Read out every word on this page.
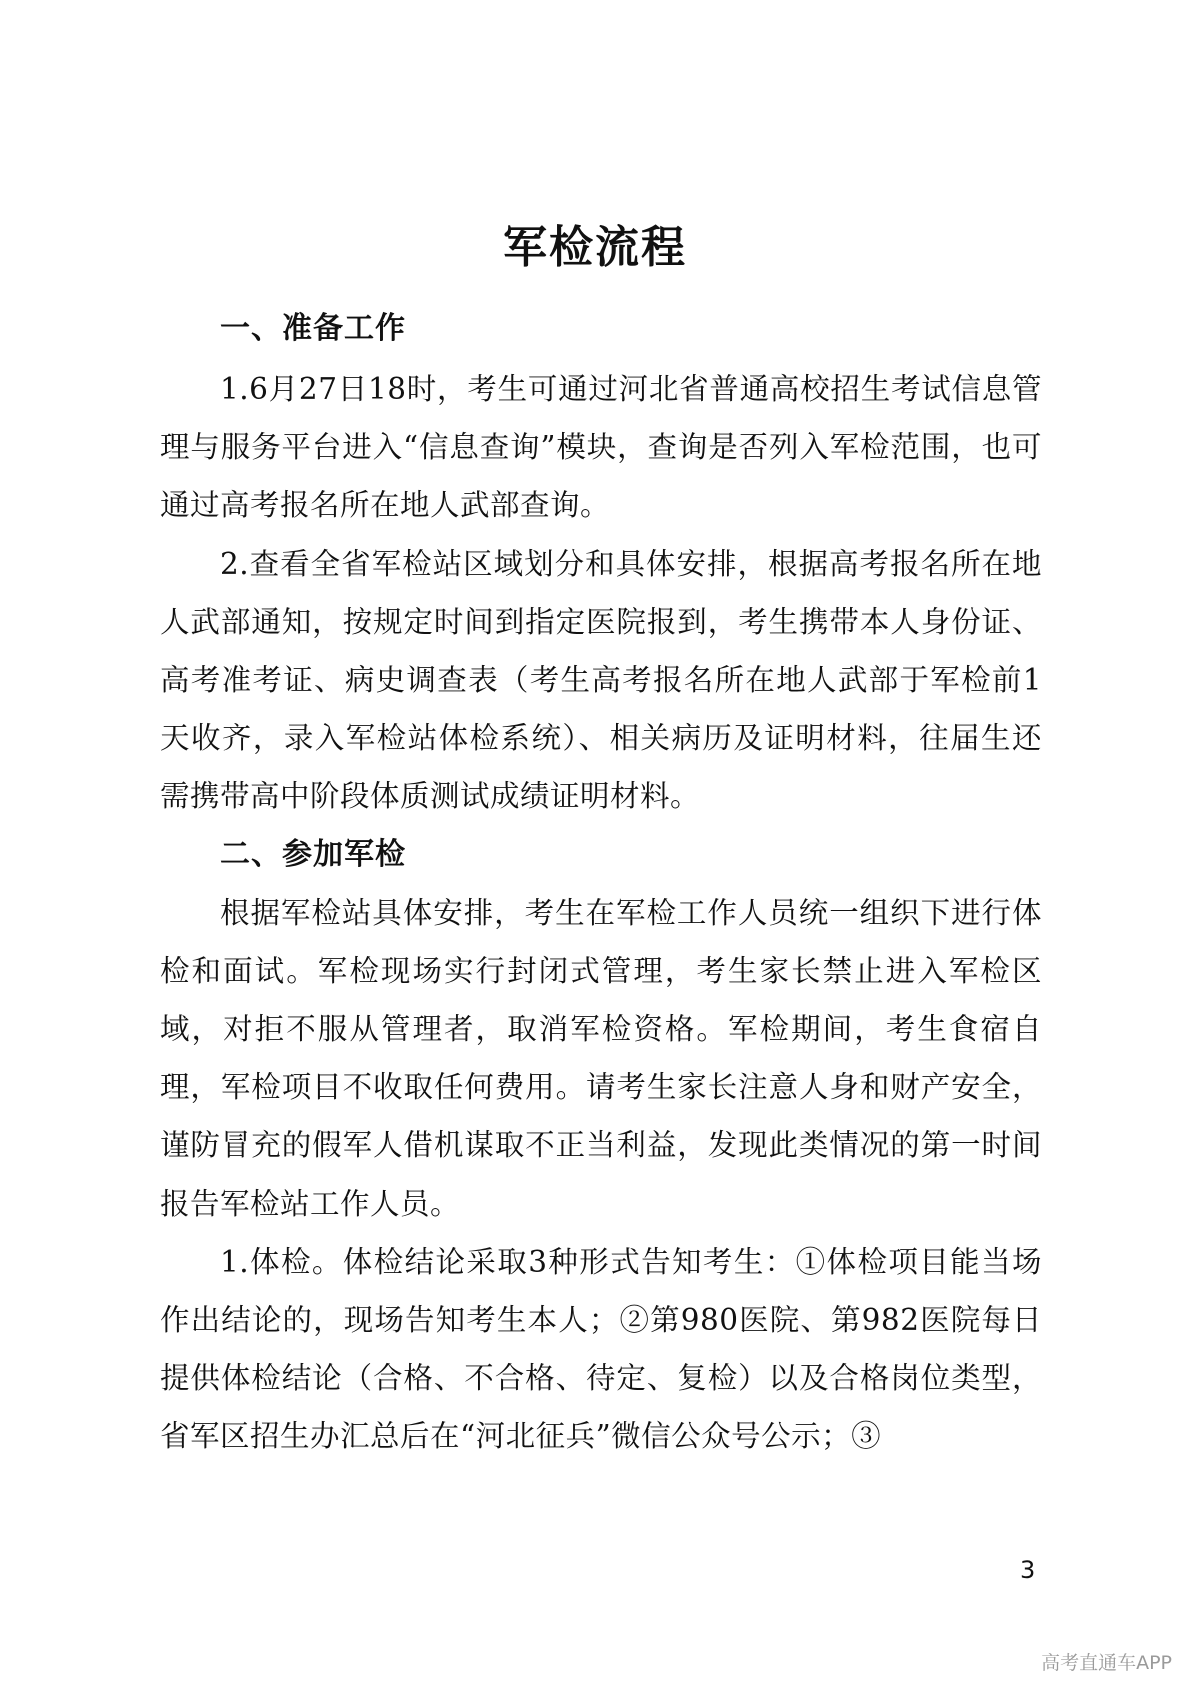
军检流程
一、准备工作

1.6月27日18时，考生可通过河北省普通高校招生考试信息管理与服务平台进入“信息查询”模块，查询是否列入军检范围，也可通过高考报名所在地人武部查询。

2.查看全省军检站区域划分和具体安排，根据高考报名所在地人武部通知，按规定时间到指定医院报到，考生携带本人身份证、高考准考证、病史调查表（考生高考报名所在地人武部于军检前1天收齐，录入军检站体检系统）、相关病历及证明材料，往届生还需携带高中阶段体质测试成绩证明材料。

二、参加军检

根据军检站具体安排，考生在军检工作人员统一组织下进行体检和面试。军检现场实行封闭式管理，考生家长禁止进入军检区域，对拒不服从管理者，取消军检资格。军检期间，考生食宿自理，军检项目不收取任何费用。请考生家长注意人身和财产安全，谨防冒充的假军人借机谋取不正当利益，发现此类情况的第一时间报告军检站工作人员。

1.体检。体检结论采取3种形式告知考生：①体检项目能当场作出结论的，现场告知考生本人；②第980医院、第982医院每日提供体检结论（合格、不合格、待定、复检）以及合格岗位类型，省军区招生办汇总后在“河北征兵”微信公众号公示；③

3
高考直通车APP
